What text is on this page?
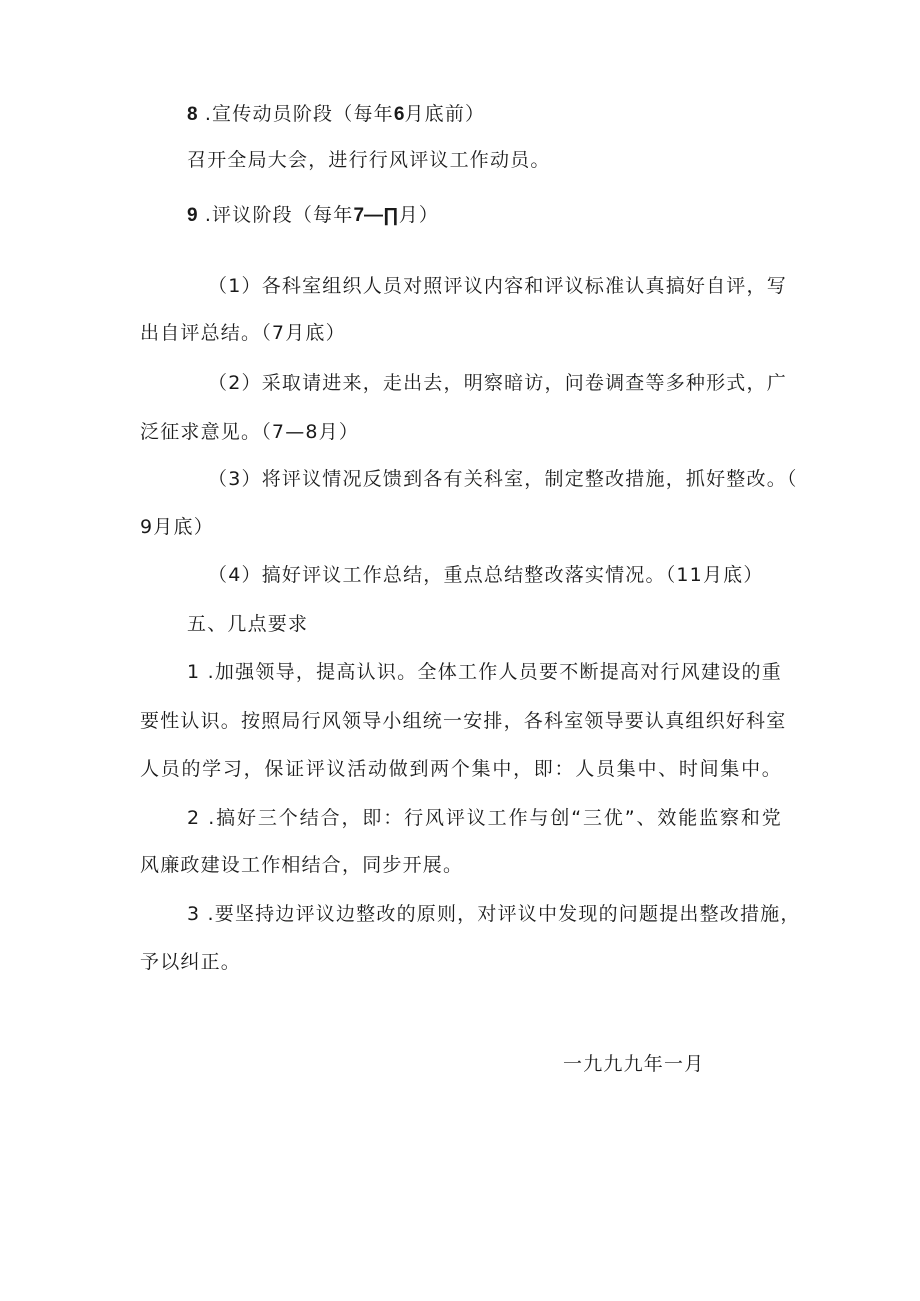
8 .宣传动员阶段（每年6月底前）

召开全局大会，进行行风评议工作动员。

9 .评议阶段（每年7—∏月）

（1）各科室组织人员对照评议内容和评议标准认真搞好自评，写

出自评总结。（7月底）

（2）采取请进来，走出去，明察暗访，问卷调查等多种形式，广

泛征求意见。（7—8月）

（3）将评议情况反馈到各有关科室，制定整改措施，抓好整改。（

9月底）

（4）搞好评议工作总结，重点总结整改落实情况。（11月底）

五、几点要求

1 .加强领导，提高认识。全体工作人员要不断提高对行风建设的重

要性认识。按照局行风领导小组统一安排，各科室领导要认真组织好科室

人员的学习，保证评议活动做到两个集中，即：人员集中、时间集中。

2 .搞好三个结合，即：行风评议工作与创“三优”、效能监察和党

风廉政建设工作相结合，同步开展。

3 .要坚持边评议边整改的原则，对评议中发现的问题提出整改措施，

予以纠正。

一九九九年一月
